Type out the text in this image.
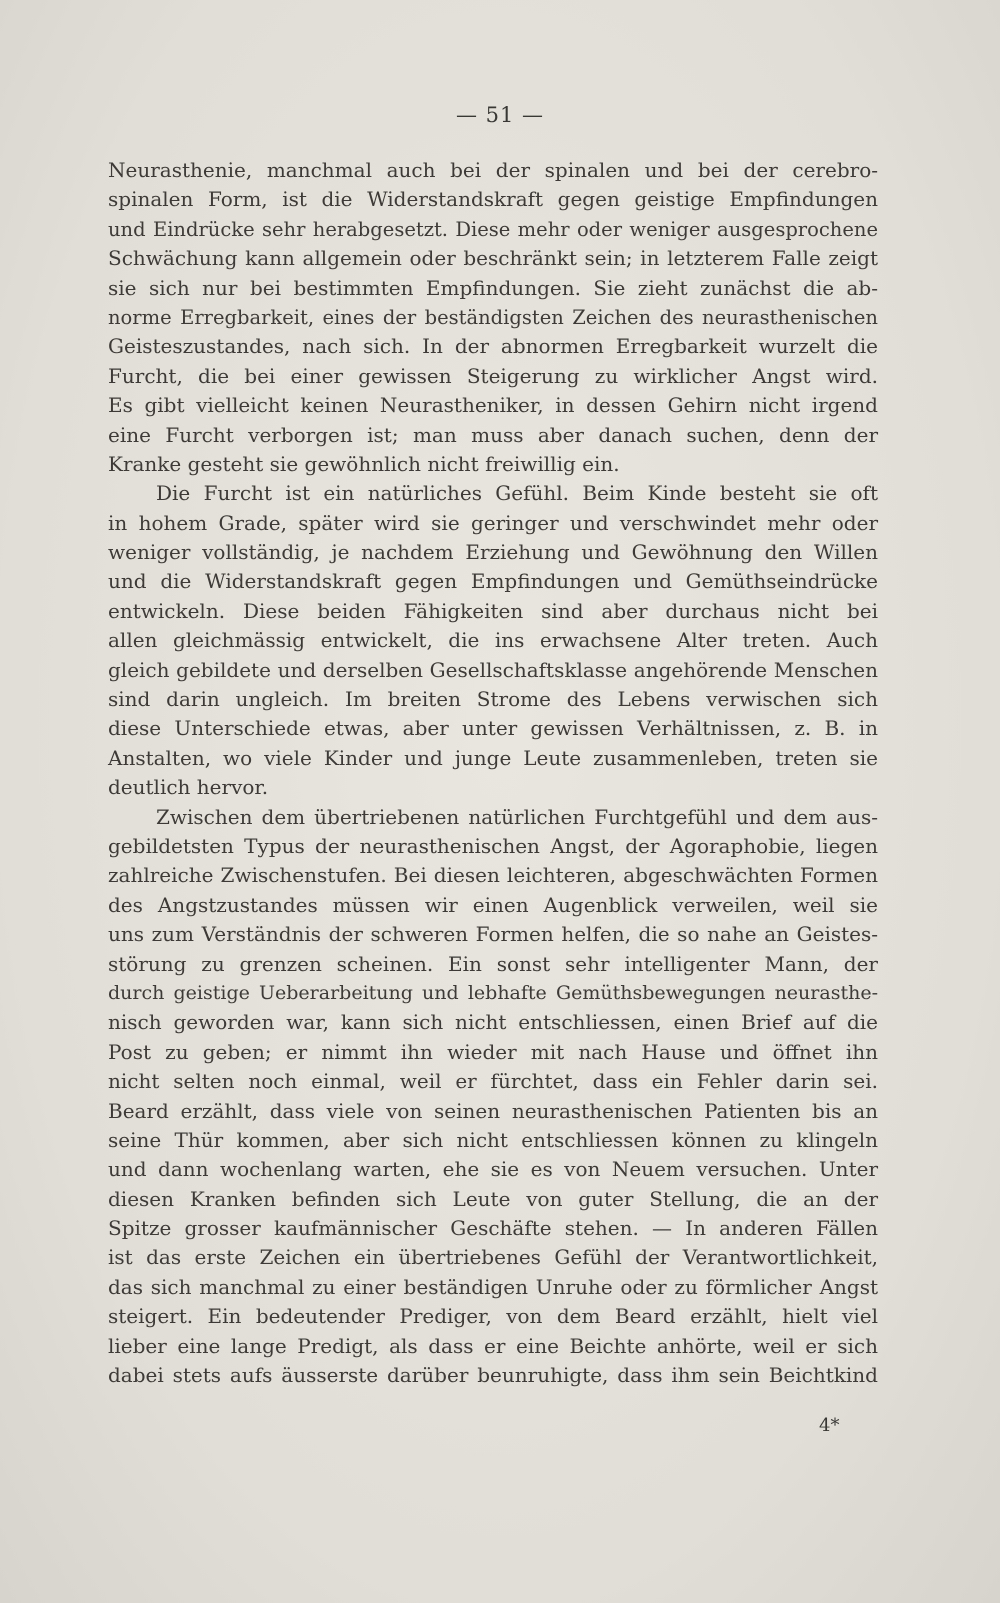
— 51 —
Neurasthenie, manchmal auch bei der spinalen und bei der cerebro-
spinalen Form, ist die Widerstandskraft gegen geistige Empfindungen
und Eindrücke sehr herabgesetzt. Diese mehr oder weniger ausgesprochene
Schwächung kann allgemein oder beschränkt sein; in letzterem Falle zeigt
sie sich nur bei bestimmten Empfindungen. Sie zieht zunächst die ab-
norme Erregbarkeit, eines der beständigsten Zeichen des neurasthenischen
Geisteszustandes, nach sich. In der abnormen Erregbarkeit wurzelt die
Furcht, die bei einer gewissen Steigerung zu wirklicher Angst wird.
Es gibt vielleicht keinen Neurastheniker, in dessen Gehirn nicht irgend
eine Furcht verborgen ist; man muss aber danach suchen, denn der
Kranke gesteht sie gewöhnlich nicht freiwillig ein.
Die Furcht ist ein natürliches Gefühl. Beim Kinde besteht sie oft
in hohem Grade, später wird sie geringer und verschwindet mehr oder
weniger vollständig, je nachdem Erziehung und Gewöhnung den Willen
und die Widerstandskraft gegen Empfindungen und Gemüthseindrücke
entwickeln. Diese beiden Fähigkeiten sind aber durchaus nicht bei
allen gleichmässig entwickelt, die ins erwachsene Alter treten. Auch
gleich gebildete und derselben Gesellschaftsklasse angehörende Menschen
sind darin ungleich. Im breiten Strome des Lebens verwischen sich
diese Unterschiede etwas, aber unter gewissen Verhältnissen, z. B. in
Anstalten, wo viele Kinder und junge Leute zusammenleben, treten sie
deutlich hervor.
Zwischen dem übertriebenen natürlichen Furchtgefühl und dem aus-
gebildetsten Typus der neurasthenischen Angst, der Agoraphobie, liegen
zahlreiche Zwischenstufen. Bei diesen leichteren, abgeschwächten Formen
des Angstzustandes müssen wir einen Augenblick verweilen, weil sie
uns zum Verständnis der schweren Formen helfen, die so nahe an Geistes-
störung zu grenzen scheinen. Ein sonst sehr intelligenter Mann, der
durch geistige Ueberarbeitung und lebhafte Gemüthsbewegungen neurasthe-
nisch geworden war, kann sich nicht entschliessen, einen Brief auf die
Post zu geben; er nimmt ihn wieder mit nach Hause und öffnet ihn
nicht selten noch einmal, weil er fürchtet, dass ein Fehler darin sei.
Beard erzählt, dass viele von seinen neurasthenischen Patienten bis an
seine Thür kommen, aber sich nicht entschliessen können zu klingeln
und dann wochenlang warten, ehe sie es von Neuem versuchen. Unter
diesen Kranken befinden sich Leute von guter Stellung, die an der
Spitze grosser kaufmännischer Geschäfte stehen. — In anderen Fällen
ist das erste Zeichen ein übertriebenes Gefühl der Verantwortlichkeit,
das sich manchmal zu einer beständigen Unruhe oder zu förmlicher Angst
steigert. Ein bedeutender Prediger, von dem Beard erzählt, hielt viel
lieber eine lange Predigt, als dass er eine Beichte anhörte, weil er sich
dabei stets aufs äusserste darüber beunruhigte, dass ihm sein Beichtkind
4*
